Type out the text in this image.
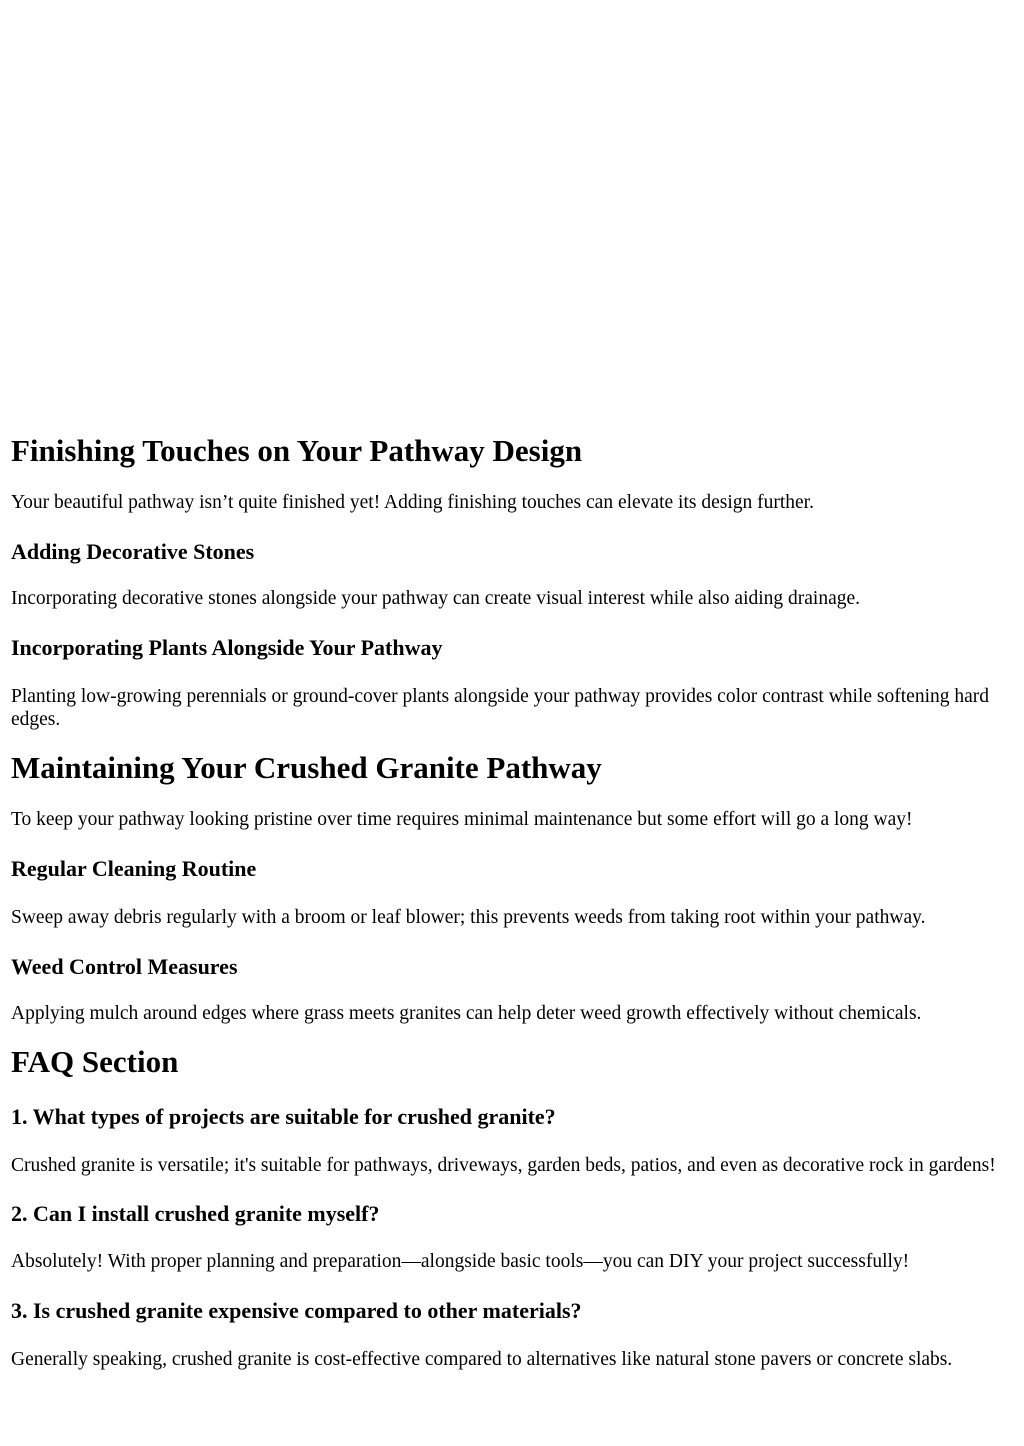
Finishing Touches on Your Pathway Design

Your beautiful pathway isn’t quite finished yet! Adding finishing touches can elevate its design further.

Adding Decorative Stones

Incorporating decorative stones alongside your pathway can create visual interest while also aiding drainage.

Incorporating Plants Alongside Your Pathway

Planting low-growing perennials or ground-cover plants alongside your pathway provides color contrast while softening hard edges.

Maintaining Your Crushed Granite Pathway

To keep your pathway looking pristine over time requires minimal maintenance but some effort will go a long way!

Regular Cleaning Routine

Sweep away debris regularly with a broom or leaf blower; this prevents weeds from taking root within your pathway.

Weed Control Measures

Applying mulch around edges where grass meets granites can help deter weed growth effectively without chemicals.

FAQ Section
1. What types of projects are suitable for crushed granite?

Crushed granite is versatile; it's suitable for pathways, driveways, garden beds, patios, and even as decorative rock in gardens!

2. Can I install crushed granite myself?

Absolutely! With proper planning and preparation—alongside basic tools—you can DIY your project successfully!

3. Is crushed granite expensive compared to other materials?

Generally speaking, crushed granite is cost-effective compared to alternatives like natural stone pavers or concrete slabs.
